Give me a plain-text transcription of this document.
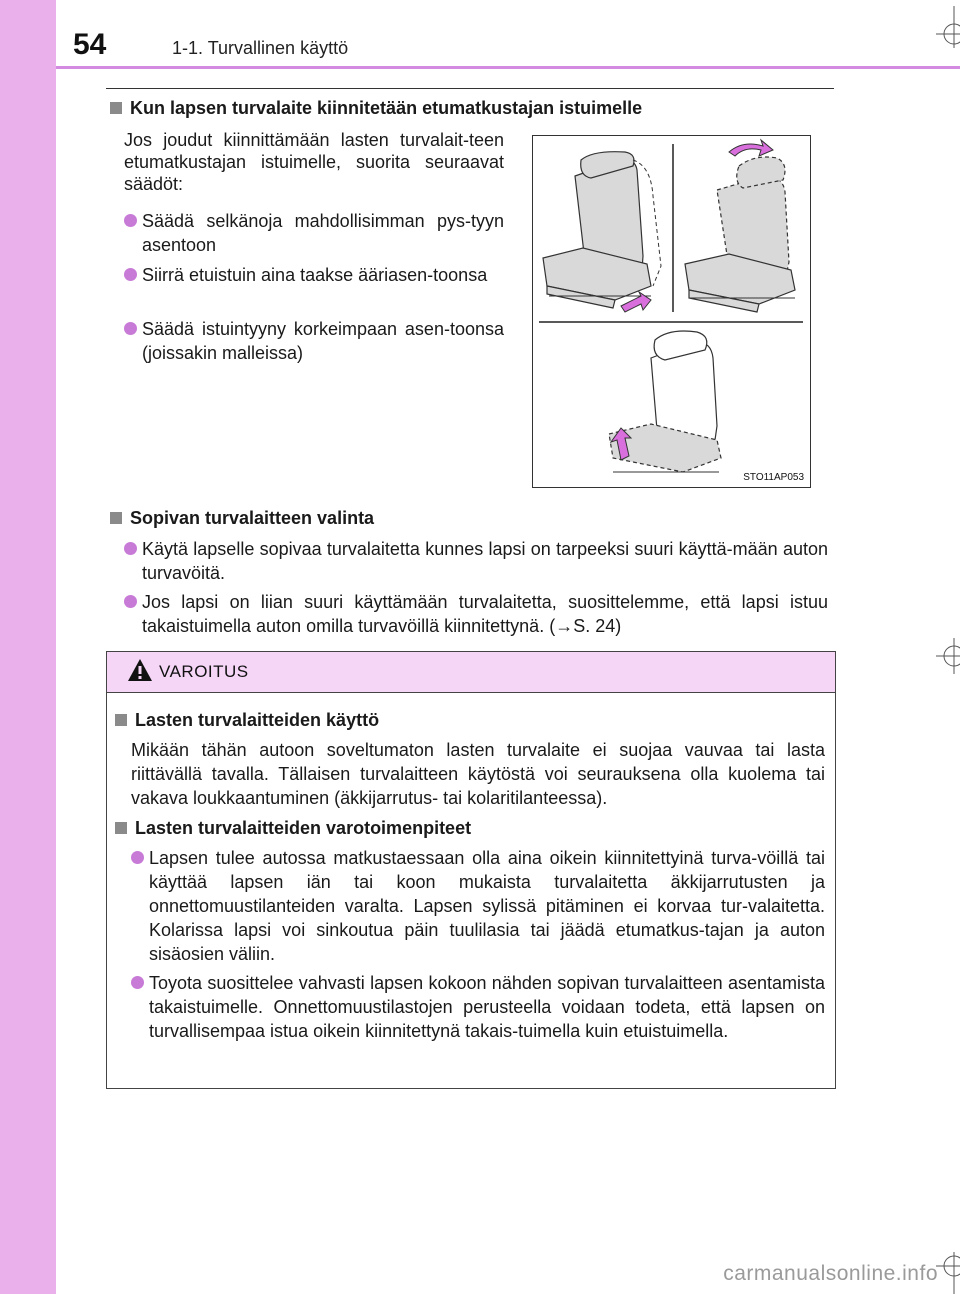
54	1-1. Turvallinen käyttö
Kun lapsen turvalaite kiinnitetään etumatkustajan istuimelle
Jos joudut kiinnittämään lasten turvalait-teen etumatkustajan istuimelle, suorita seuraavat säädöt:
Säädä selkänoja mahdollisimman pys-tyyn asentoon
Siirrä etuistuin aina taakse ääriasen-toonsa
Säädä istuintyyny korkeimpaan asen-toonsa (joissakin malleissa)
STO11AP053
Sopivan turvalaitteen valinta
Käytä lapselle sopivaa turvalaitetta kunnes lapsi on tarpeeksi suuri käyttä-mään auton turvavöitä.
Jos lapsi on liian suuri käyttämään turvalaitetta, suosittelemme, että lapsi istuu takaistuimella auton omilla turvavöillä kiinnitettynä. (→S. 24)
VAROITUS
Lasten turvalaitteiden käyttö
Mikään tähän autoon soveltumaton lasten turvalaite ei suojaa vauvaa tai lasta riittävällä tavalla. Tällaisen turvalaitteen käytöstä voi seurauksena olla kuolema tai vakava loukkaantuminen (äkkijarrutus- tai kolaritilanteessa).
Lasten turvalaitteiden varotoimenpiteet
Lapsen tulee autossa matkustaessaan olla aina oikein kiinnitettyinä turva-vöillä tai käyttää lapsen iän tai koon mukaista turvalaitetta äkkijarrutusten ja onnettomuustilanteiden varalta. Lapsen sylissä pitäminen ei korvaa tur-valaitetta. Kolarissa lapsi voi sinkoutua päin tuulilasia tai jäädä etumatkus-tajan ja auton sisäosien väliin.
Toyota suosittelee vahvasti lapsen kokoon nähden sopivan turvalaitteen asentamista takaistuimelle. Onnettomuustilastojen perusteella voidaan todeta, että lapsen on turvallisempaa istua oikein kiinnitettynä takais-tuimella kuin etuistuimella.
carmanualsonline.info
